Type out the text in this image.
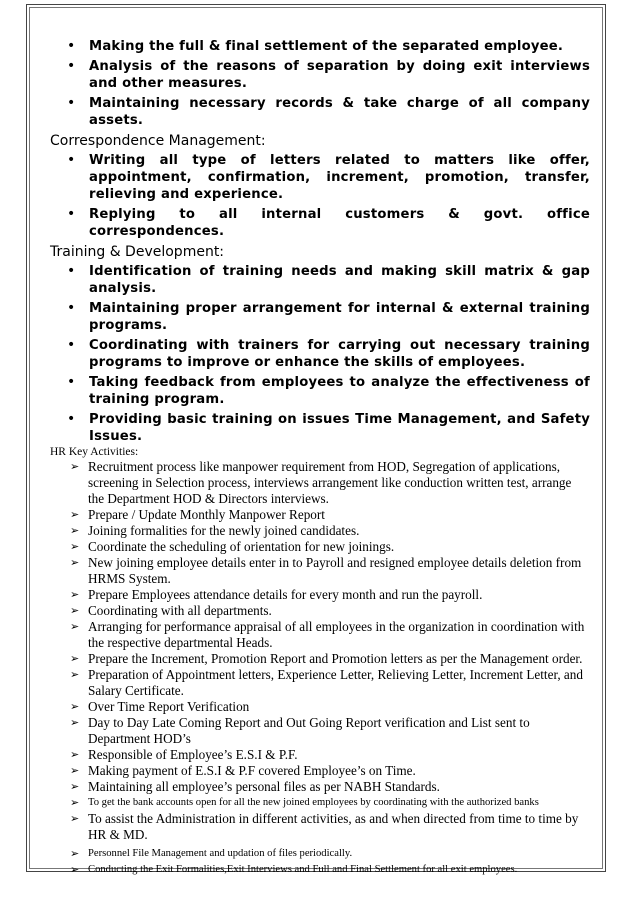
• Making the full & final settlement of the separated employee.
• Analysis of the reasons of separation by doing exit interviews and other measures.
• Maintaining necessary records & take charge of all company assets.
Correspondence Management:
• Writing all type of letters related to matters like offer, appointment, confirmation, increment, promotion, transfer, relieving and experience.
• Replying to all internal customers & govt. office correspondences.
Training & Development:
• Identification of training needs and making skill matrix & gap analysis.
• Maintaining proper arrangement for internal & external training programs.
• Coordinating with trainers for carrying out necessary training programs to improve or enhance the skills of employees.
• Taking feedback from employees to analyze the effectiveness of training program.
• Providing basic training on issues Time Management, and Safety Issues.
HR Key Activities:
➢ Recruitment process like manpower requirement from HOD, Segregation of applications, screening in Selection process, interviews arrangement like conduction written test, arrange the Department HOD & Directors interviews.
➢ Prepare / Update Monthly Manpower Report
➢ Joining formalities for the newly joined candidates.
➢ Coordinate the scheduling of orientation for new joinings.
➢ New joining employee details enter in to Payroll and resigned employee details deletion from HRMS System.
➢ Prepare Employees attendance details for every month and run the payroll.
➢ Coordinating with all departments.
➢ Arranging for performance appraisal of all employees in the organization in coordination with the respective departmental Heads.
➢ Prepare the Increment, Promotion Report and Promotion letters as per the Management order.
➢ Preparation of Appointment letters, Experience Letter, Relieving Letter, Increment Letter, and Salary Certificate.
➢ Over Time Report Verification
➢ Day to Day Late Coming Report and Out Going Report verification and List sent to Department HOD’s
➢ Responsible of Employee’s E.S.I & P.F.
➢ Making payment of E.S.I & P.F covered Employee’s on Time.
➢ Maintaining all employee’s personal files as per NABH Standards.
➢ To get the bank accounts open for all the new joined employees by coordinating with the authorized banks
➢ To assist the Administration in different activities, as and when directed from time to time by HR & MD.
➢ Personnel File Management and updation of files periodically.
➢ Conducting the Exit Formalities,Exit Interviews and Full and Final Settlement for all exit employees.
